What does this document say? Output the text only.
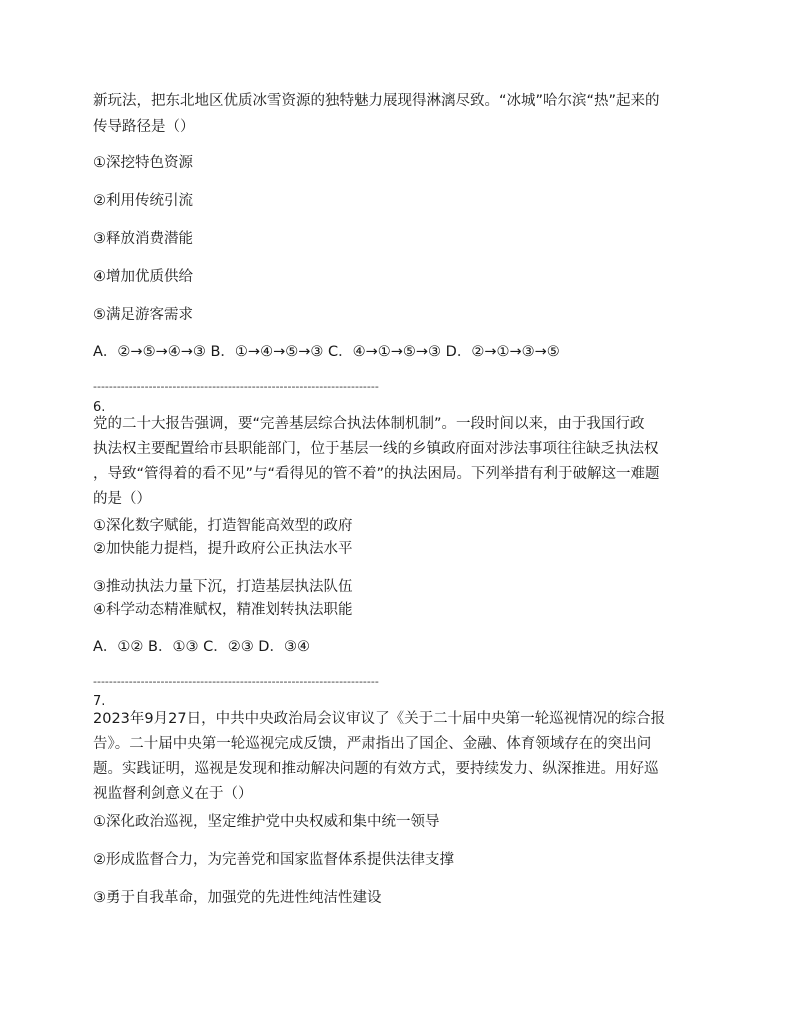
新玩法，把东北地区优质冰雪资源的独特魅力展现得淋漓尽致。“冰城”哈尔滨“热”起来的
传导路径是（）
①深挖特色资源
②利用传统引流
③释放消费潜能
④增加优质供给
⑤满足游客需求
A．②→⑤→④→③ B．①→④→⑤→③ C．④→①→⑤→③ D．②→①→③→⑤
------------------------------------------------------------------------
6.
党的二十大报告强调，要“完善基层综合执法体制机制”。一段时间以来，由于我国行政
执法权主要配置给市县职能部门，位于基层一线的乡镇政府面对涉法事项往往缺乏执法权
，导致“管得着的看不见”与“看得见的管不着”的执法困局。下列举措有利于破解这一难题
的是（）
①深化数字赋能，打造智能高效型的政府
②加快能力提档，提升政府公正执法水平
③推动执法力量下沉，打造基层执法队伍
④科学动态精准赋权，精准划转执法职能
A．①② B．①③ C．②③ D．③④
------------------------------------------------------------------------
7.
2023年9月27日，中共中央政治局会议审议了《关于二十届中央第一轮巡视情况的综合报
告》。二十届中央第一轮巡视完成反馈，严肃指出了国企、金融、体育领域存在的突出问
题。实践证明，巡视是发现和推动解决问题的有效方式，要持续发力、纵深推进。用好巡
视监督利剑意义在于（）
①深化政治巡视，坚定维护党中央权威和集中统一领导
②形成监督合力，为完善党和国家监督体系提供法律支撑
③勇于自我革命，加强党的先进性纯洁性建设
